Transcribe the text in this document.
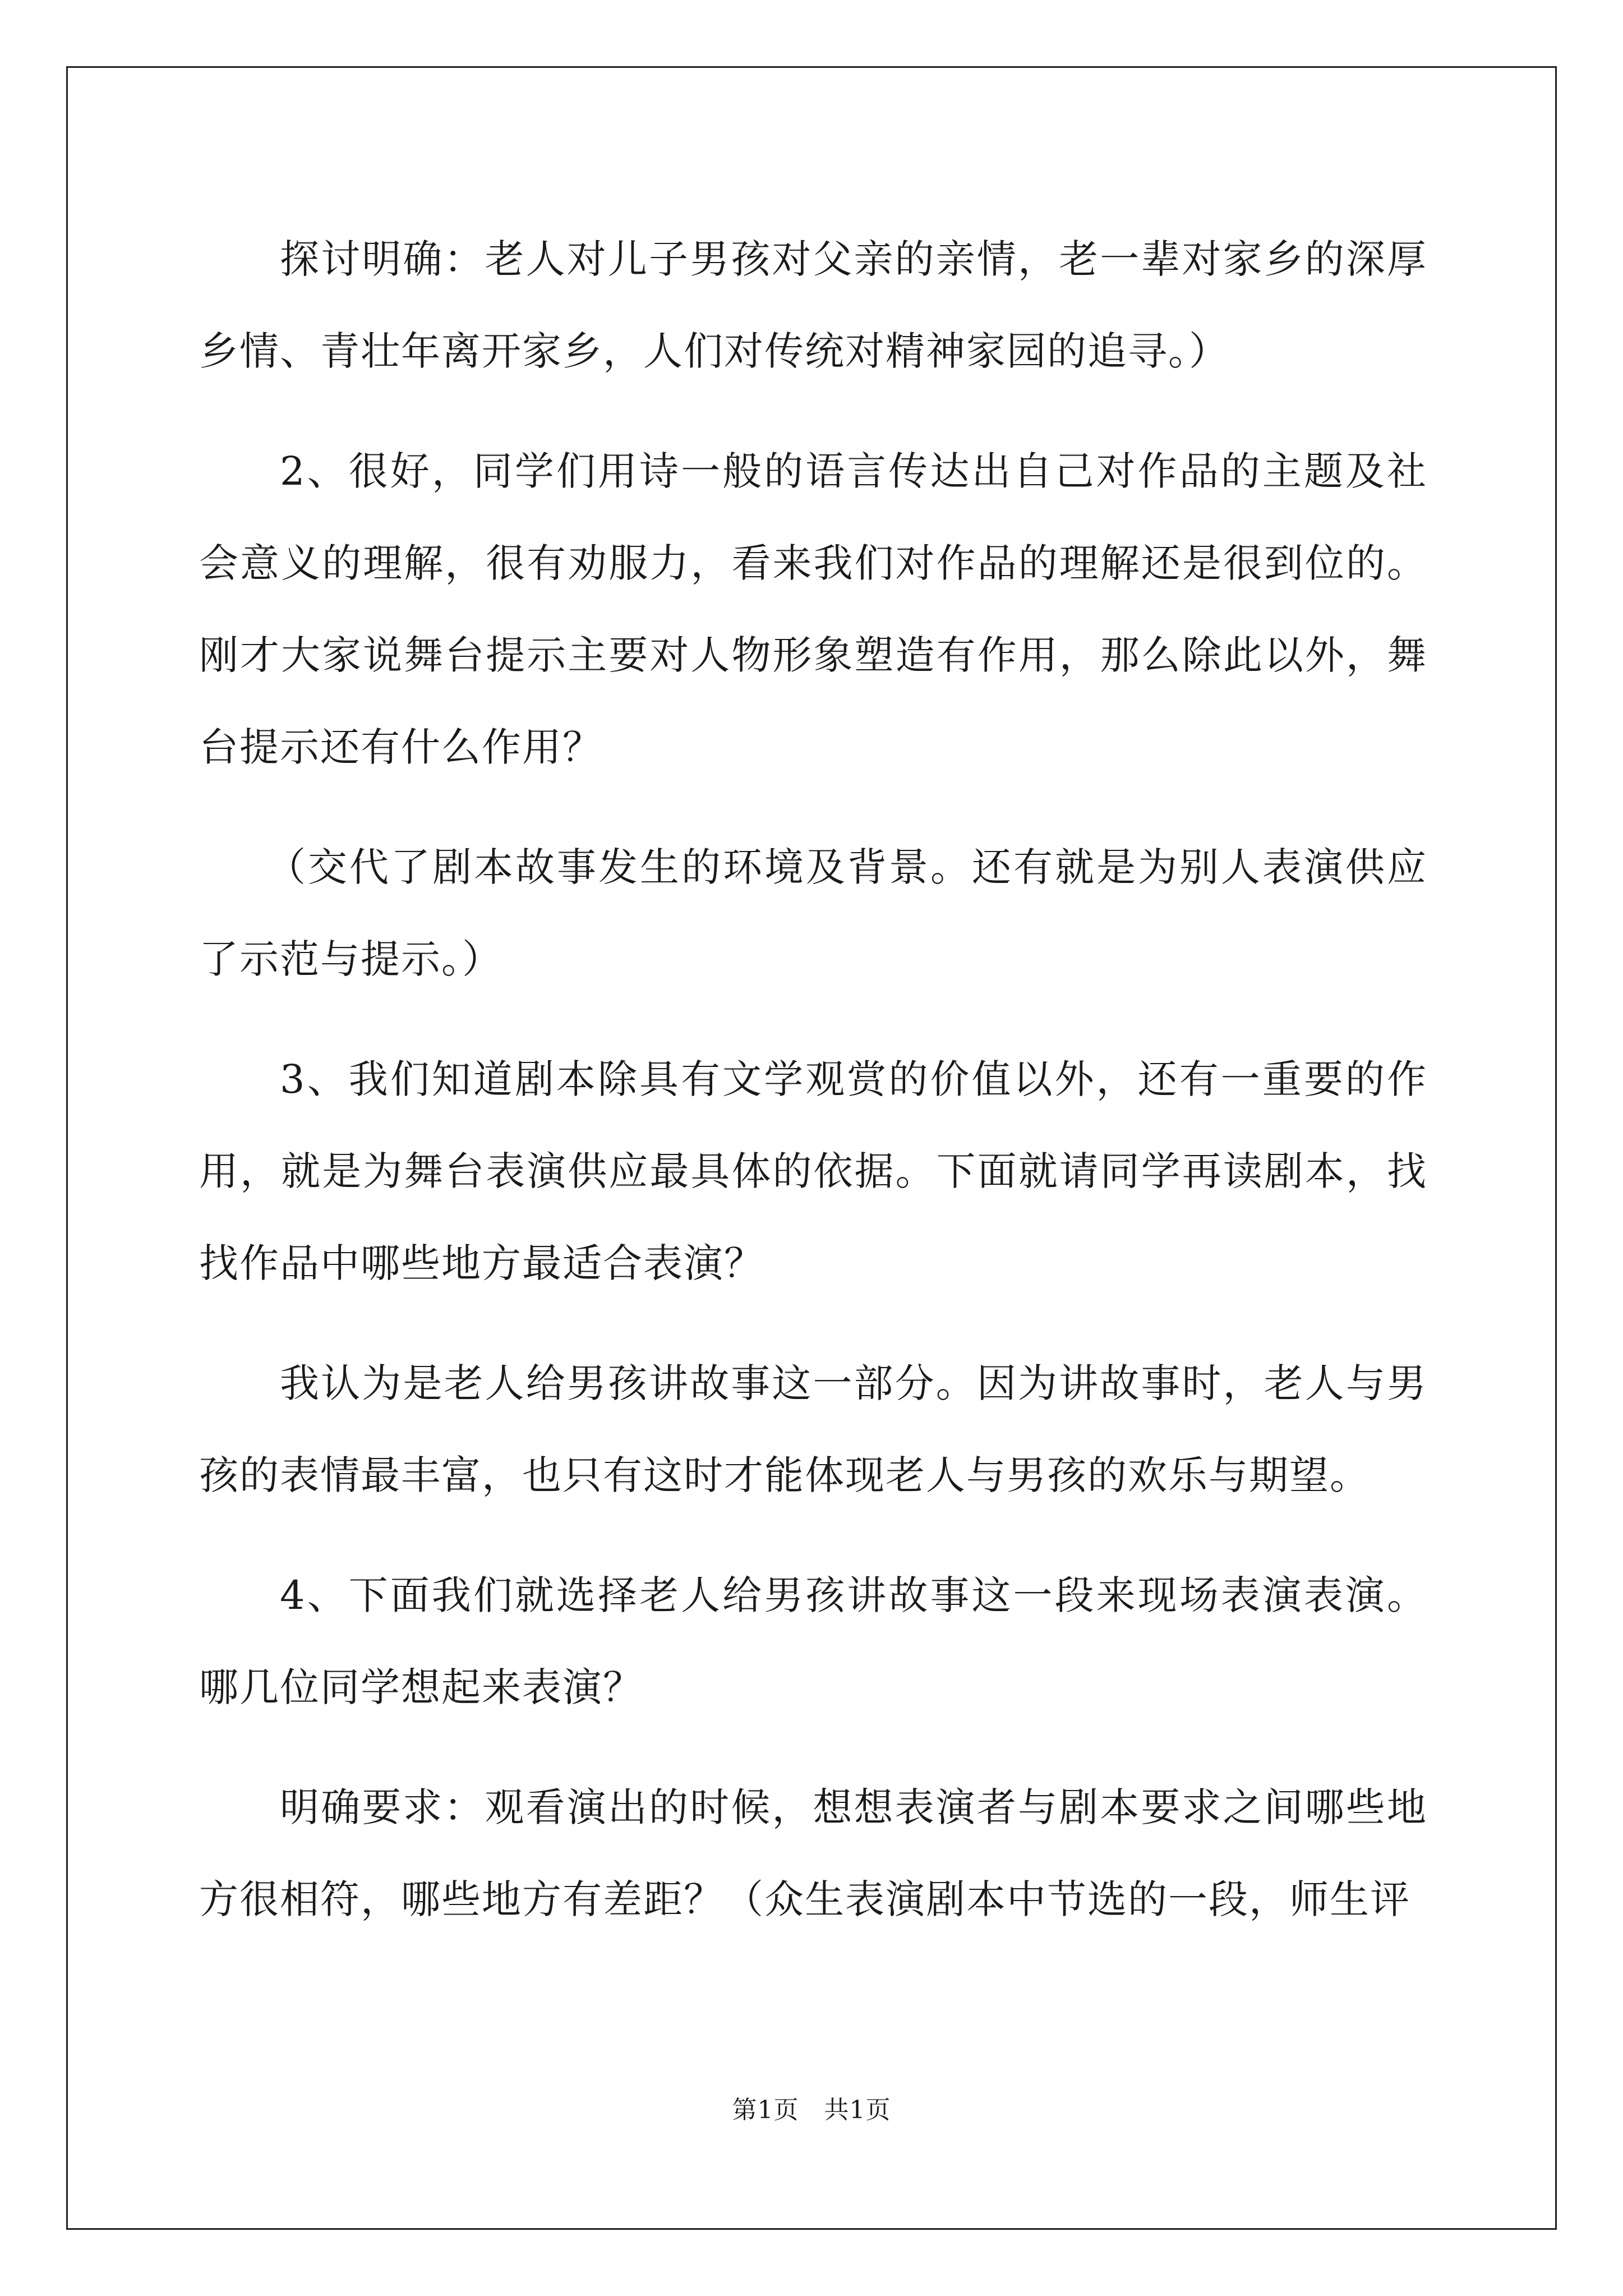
探讨明确：老人对儿子男孩对父亲的亲情，老一辈对家乡的深厚乡情、青壮年离开家乡，人们对传统对精神家园的追寻。）

2、很好，同学们用诗一般的语言传达出自己对作品的主题及社会意义的理解，很有劝服力，看来我们对作品的理解还是很到位的。刚才大家说舞台提示主要对人物形象塑造有作用，那么除此以外，舞台提示还有什么作用？

（交代了剧本故事发生的环境及背景。还有就是为别人表演供应了示范与提示。）

3、我们知道剧本除具有文学观赏的价值以外，还有一重要的作用，就是为舞台表演供应最具体的依据。下面就请同学再读剧本，找找作品中哪些地方最适合表演？

我认为是老人给男孩讲故事这一部分。因为讲故事时，老人与男孩的表情最丰富，也只有这时才能体现老人与男孩的欢乐与期望。

4、下面我们就选择老人给男孩讲故事这一段来现场表演表演。哪几位同学想起来表演？

明确要求：观看演出的时候，想想表演者与剧本要求之间哪些地方很相符，哪些地方有差距？（众生表演剧本中节选的一段，师生评

第1页　共1页
